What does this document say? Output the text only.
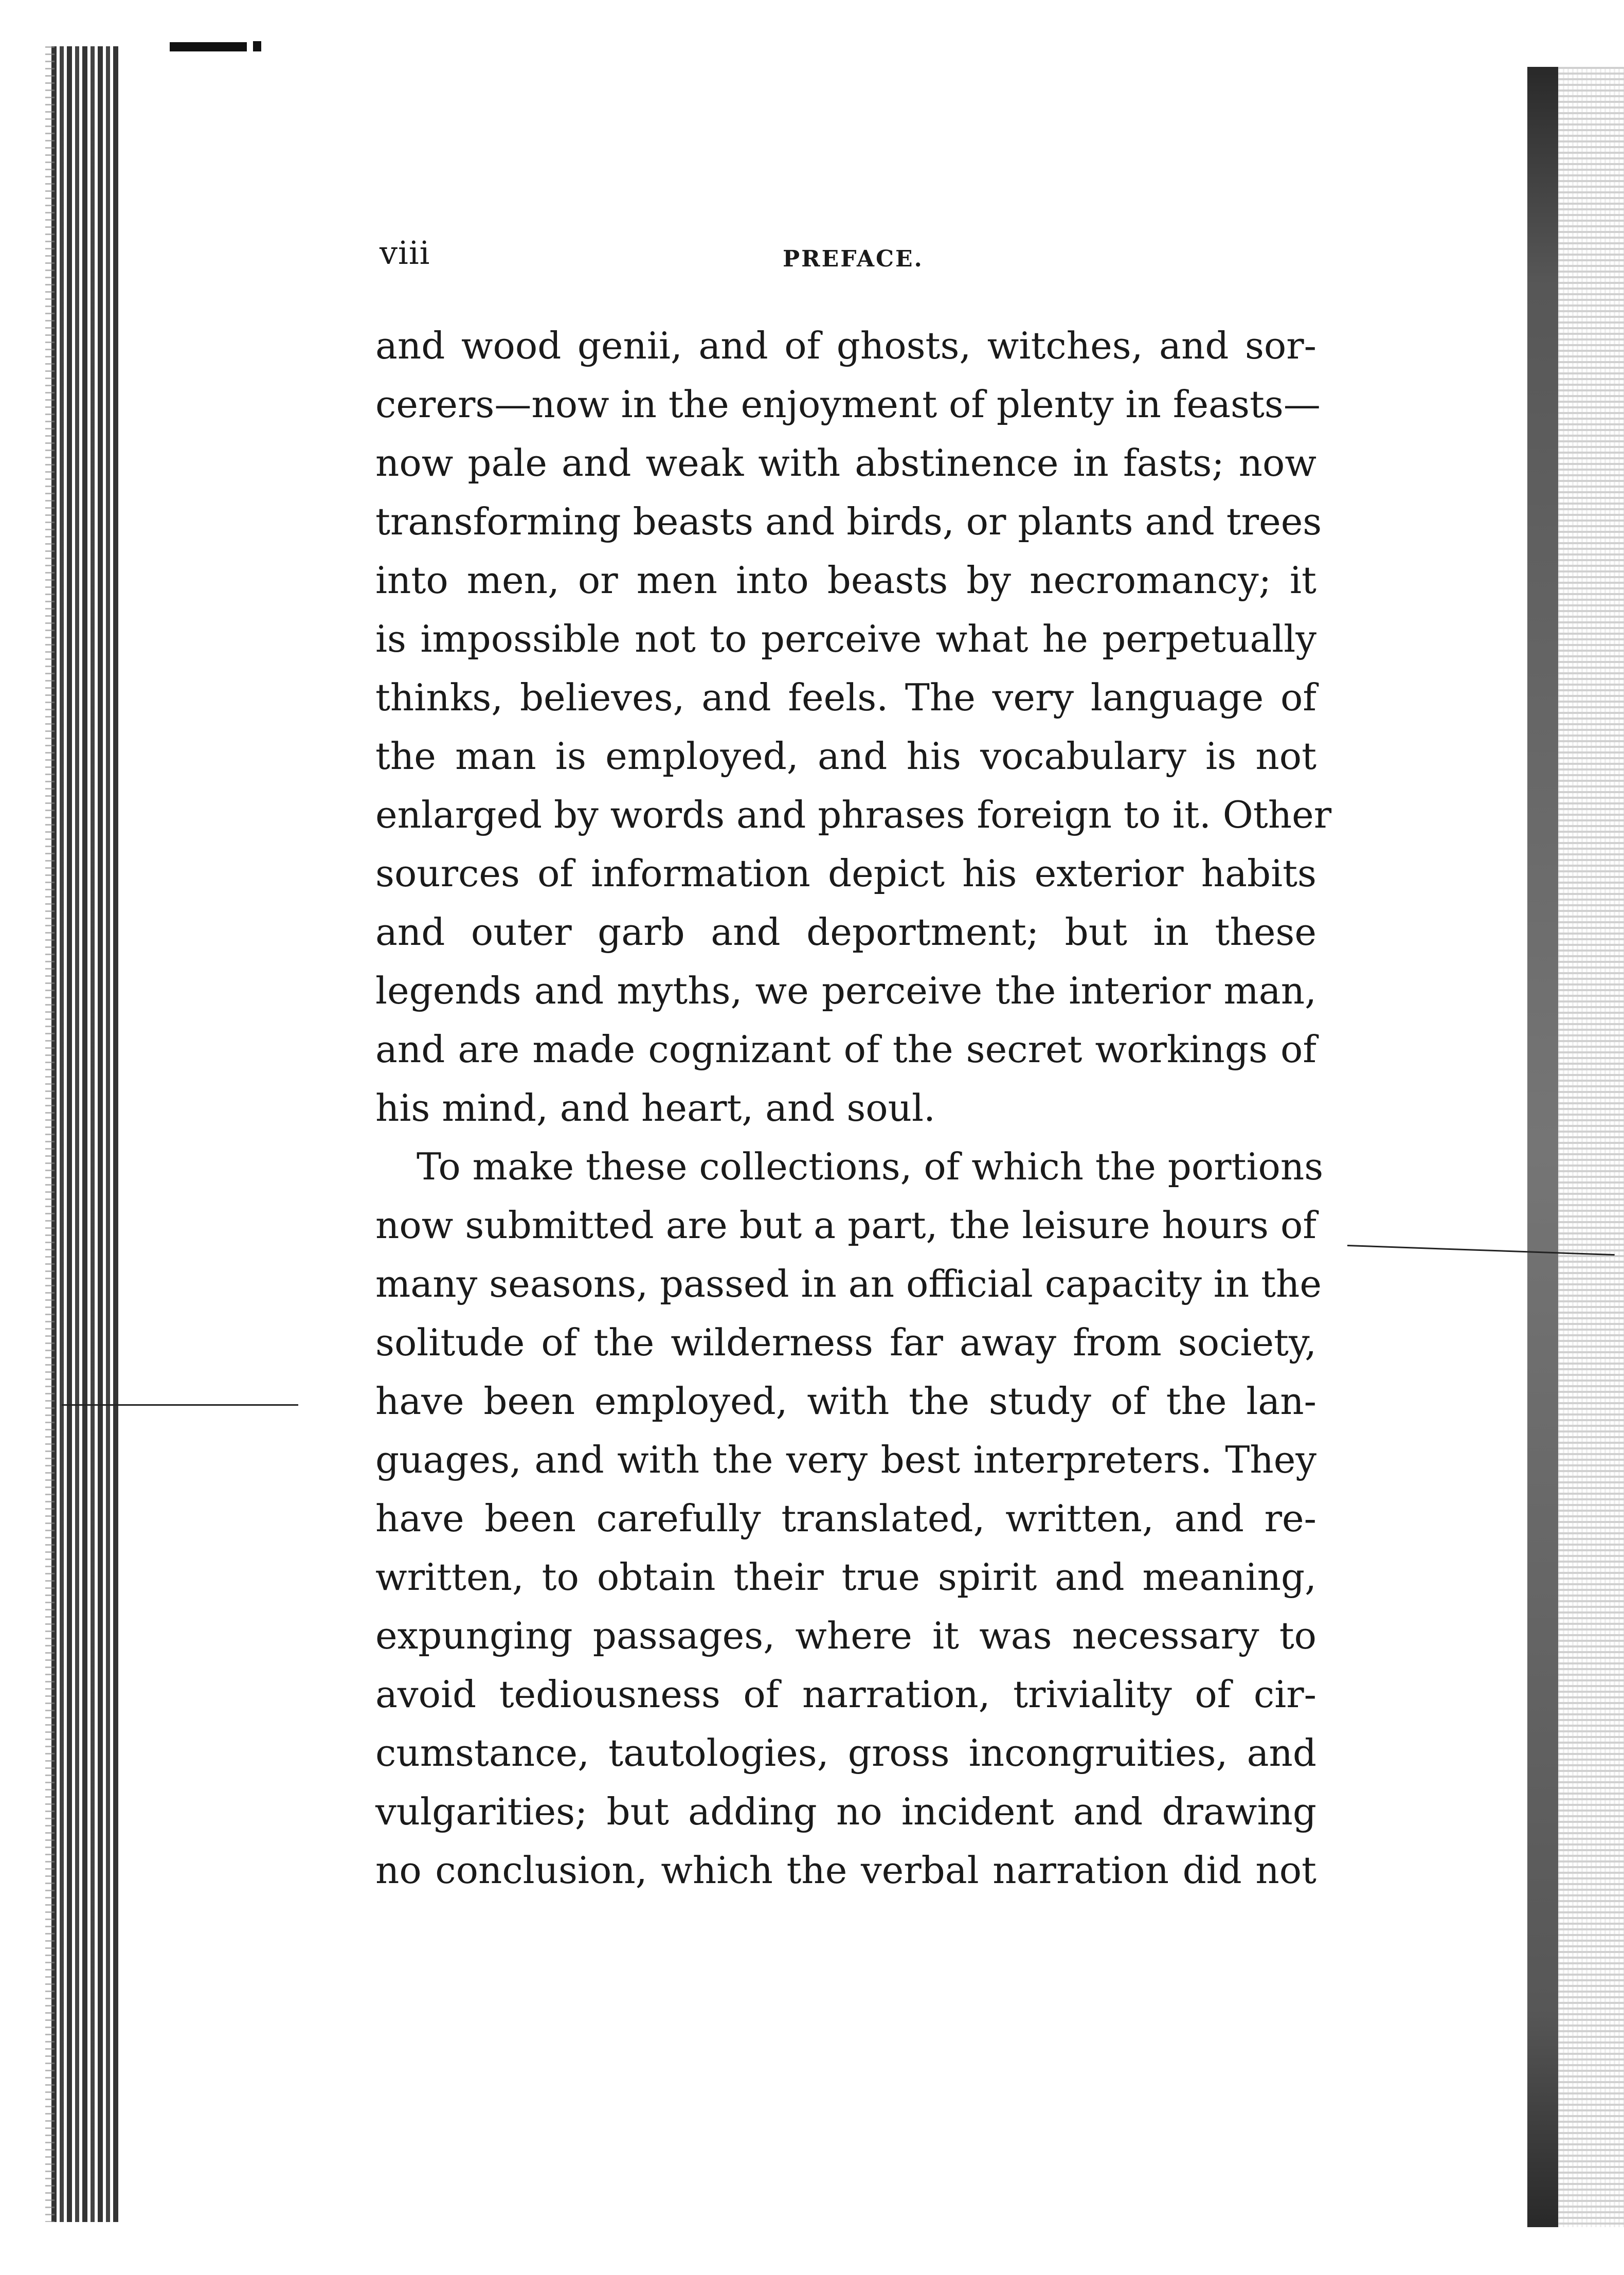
viii	PREFACE.
and wood genii, and of ghosts, witches, and sor-
cerers—now in the enjoyment of plenty in feasts—
now pale and weak with abstinence in fasts; now
transforming beasts and birds, or plants and trees
into men, or men into beasts by necromancy; it
is impossible not to perceive what he perpetually
thinks, believes, and feels. The very language of
the man is employed, and his vocabulary is not
enlarged by words and phrases foreign to it. Other
sources of information depict his exterior habits
and outer garb and deportment; but in these
legends and myths, we perceive the interior man,
and are made cognizant of the secret workings of
his mind, and heart, and soul.
To make these collections, of which the portions
now submitted are but a part, the leisure hours of
many seasons, passed in an official capacity in the
solitude of the wilderness far away from society,
have been employed, with the study of the lan-
guages, and with the very best interpreters. They
have been carefully translated, written, and re-
written, to obtain their true spirit and meaning,
expunging passages, where it was necessary to
avoid tediousness of narration, triviality of cir-
cumstance, tautologies, gross incongruities, and
vulgarities; but adding no incident and drawing
no conclusion, which the verbal narration did not
